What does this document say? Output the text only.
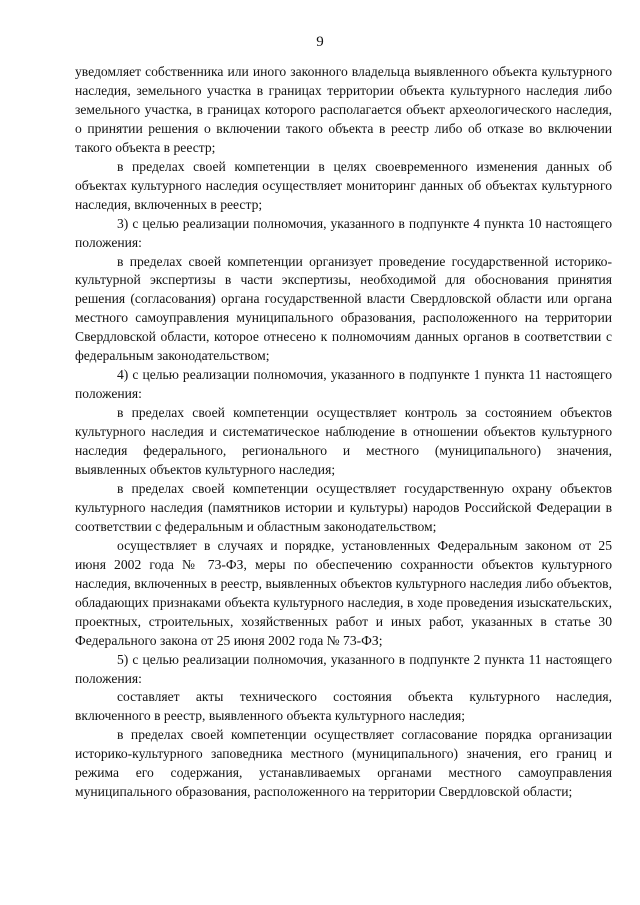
9

уведомляет собственника или иного законного владельца выявленного объекта культурного наследия, земельного участка в границах территории объекта культурного наследия либо земельного участка, в границах которого располагается объект археологического наследия, о принятии решения о включении такого объекта в реестр либо об отказе во включении такого объекта в реестр;

в пределах своей компетенции в целях своевременного изменения данных об объектах культурного наследия осуществляет мониторинг данных об объектах культурного наследия, включенных в реестр;

3) с целью реализации полномочия, указанного в подпункте 4 пункта 10 настоящего положения:

в пределах своей компетенции организует проведение государственной историко-культурной экспертизы в части экспертизы, необходимой для обоснования принятия решения (согласования) органа государственной власти Свердловской области или органа местного самоуправления муниципального образования, расположенного на территории Свердловской области, которое отнесено к полномочиям данных органов в соответствии с федеральным законодательством;

4) с целью реализации полномочия, указанного в подпункте 1 пункта 11 настоящего положения:

в пределах своей компетенции осуществляет контроль за состоянием объектов культурного наследия и систематическое наблюдение в отношении объектов культурного наследия федерального, регионального и местного (муниципального) значения, выявленных объектов культурного наследия;

в пределах своей компетенции осуществляет государственную охрану объектов культурного наследия (памятников истории и культуры) народов Российской Федерации в соответствии с федеральным и областным законодательством;

осуществляет в случаях и порядке, установленных Федеральным законом от 25 июня 2002 года № 73-ФЗ, меры по обеспечению сохранности объектов культурного наследия, включенных в реестр, выявленных объектов культурного наследия либо объектов, обладающих признаками объекта культурного наследия, в ходе проведения изыскательских, проектных, строительных, хозяйственных работ и иных работ, указанных в статье 30 Федерального закона от 25 июня 2002 года № 73-ФЗ;

5) с целью реализации полномочия, указанного в подпункте 2 пункта 11 настоящего положения:

составляет акты технического состояния объекта культурного наследия, включенного в реестр, выявленного объекта культурного наследия;

в пределах своей компетенции осуществляет согласование порядка организации историко-культурного заповедника местного (муниципального) значения, его границ и режима его содержания, устанавливаемых органами местного самоуправления муниципального образования, расположенного на территории Свердловской области;
